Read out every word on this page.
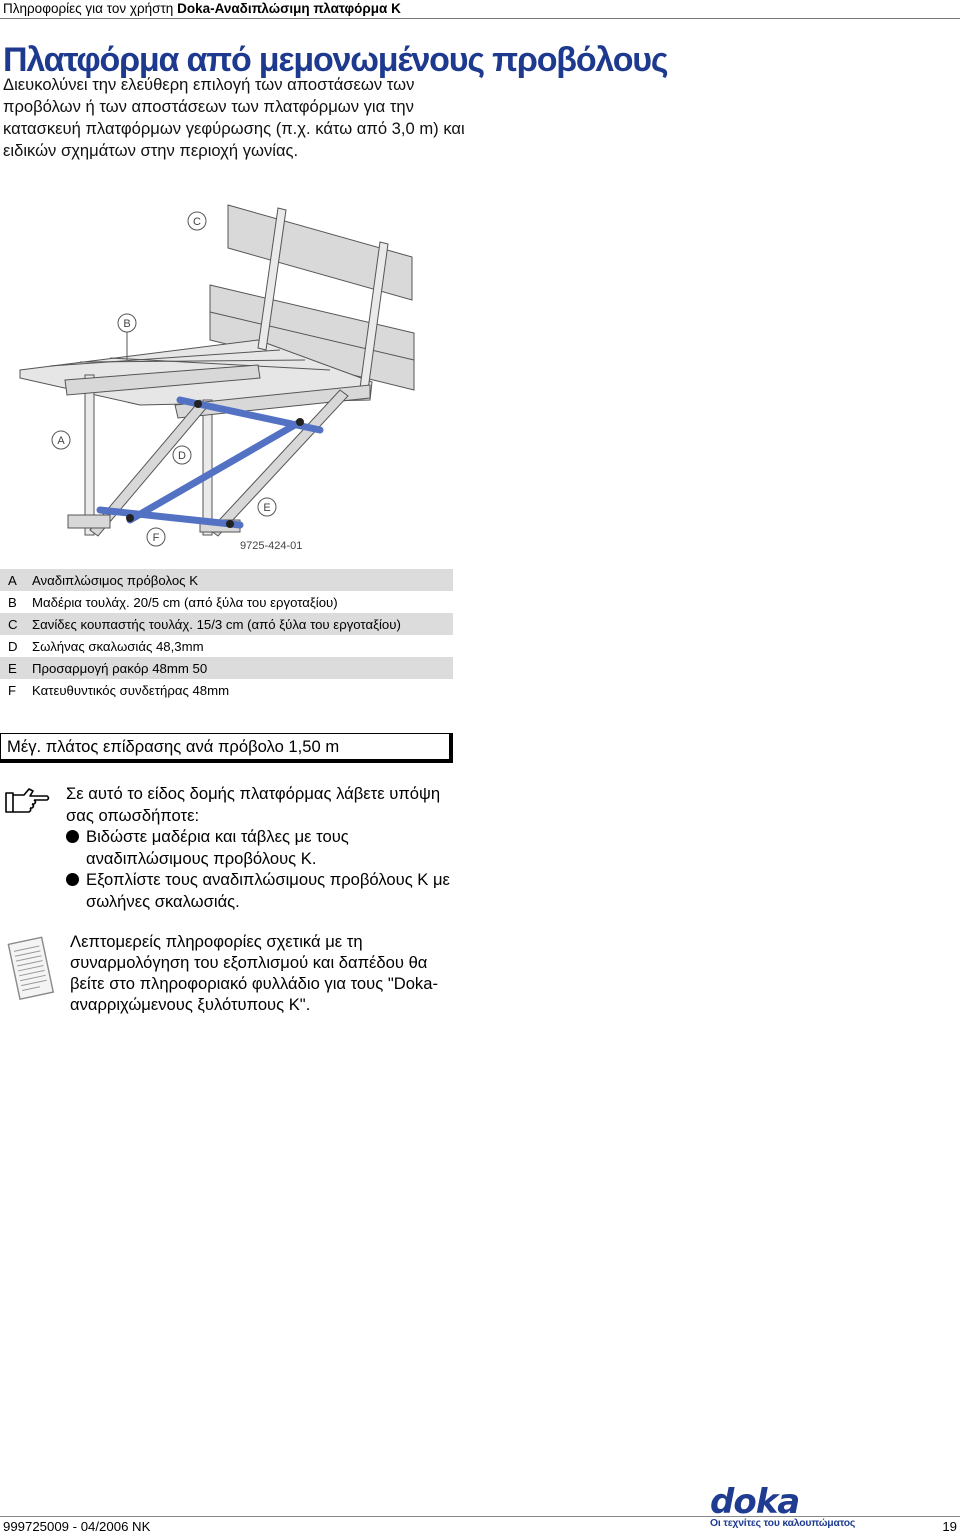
Πληροφορίες για τον χρήστη Doka-Αναδιπλώσιμη πλατφόρμα K
Πλατφόρμα από μεμονωμένους προβόλους
Διευκολύνει την ελεύθερη επιλογή των αποστάσεων των προβόλων ή των αποστάσεων των πλατφόρμων για την κατασκευή πλατφόρμων γεφύρωσης (π.χ. κάτω από 3,0 m) και ειδικών σχημάτων στην περιοχή γωνίας.
C
B
A
D
E
F
9725-424-01
A	Αναδιπλώσιμος πρόβολος K
B	Μαδέρια τουλάχ. 20/5 cm (από ξύλα του εργοταξίου)
C	Σανίδες κουπαστής τουλάχ. 15/3 cm (από ξύλα του εργοταξίου)
D	Σωλήνας σκαλωσιάς 48,3mm
E	Προσαρμογή ρακόρ 48mm 50
F	Κατευθυντικός συνδετήρας 48mm
Μέγ. πλάτος επίδρασης ανά πρόβολο 1,50 m

Σε αυτό το είδος δομής πλατφόρμας λάβετε υπόψη σας οπωσδήποτε:

Βιδώστε μαδέρια και τάβλες με τους αναδιπλώσιμους προβόλους K.
Εξοπλίστε τους αναδιπλώσιμους προβόλους K με σωλήνες σκαλωσιάς.
Λεπτομερείς πληροφορίες σχετικά με τη συναρμολόγηση του εξοπλισμού και δαπέδου θα βείτε στο πληροφοριακό φυλλάδιο για τους "Doka-αναρριχώμενους ξυλότυπους K".
999725009 - 04/2006 NK	19
doka
Οι τεχνίτες του καλουπώματος
